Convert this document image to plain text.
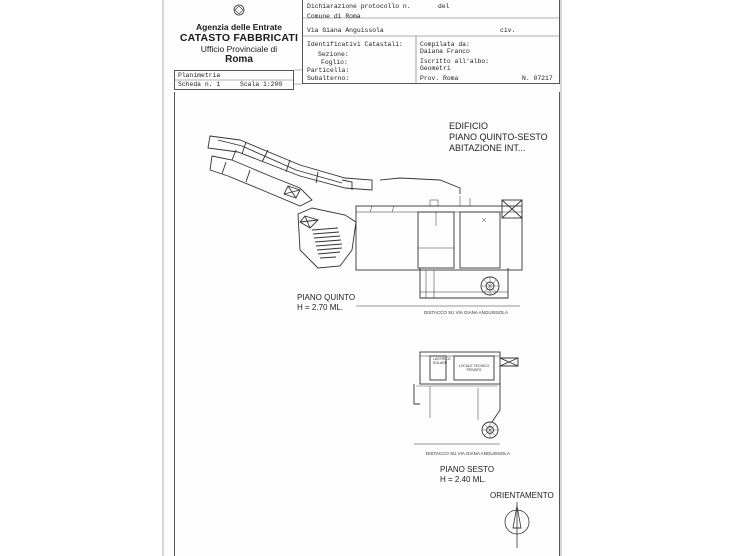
Agenzia delle Entrate
CATASTO FABBRICATI
Ufficio Provinciale di
Roma
Dichiarazione protocollo n.	del
Comune di Roma
Via Giana Anguissola	civ.
Identificativi Catastali:
Sezione:
Foglio:
Particella:
Subalterno:
Compilata da:
Daiana Franco
Iscritto all'albo:
Geometri
Prov. Roma	N. 07217
Planimetria
Scheda n. 1	Scala 1:200
LASTRICO SOLARE
LOCALE TECNICO PRIVATO
EDIFICIO
PIANO QUINTO-SESTO
ABITAZIONE INT...
PIANO QUINTO
H = 2.70 ML.
DISTACCO SU VIA GIANA ANGUISSOLA
DISTACCO SU VIA GIANA ANGUISSOLA
PIANO SESTO
H = 2.40 ML.
ORIENTAMENTO
